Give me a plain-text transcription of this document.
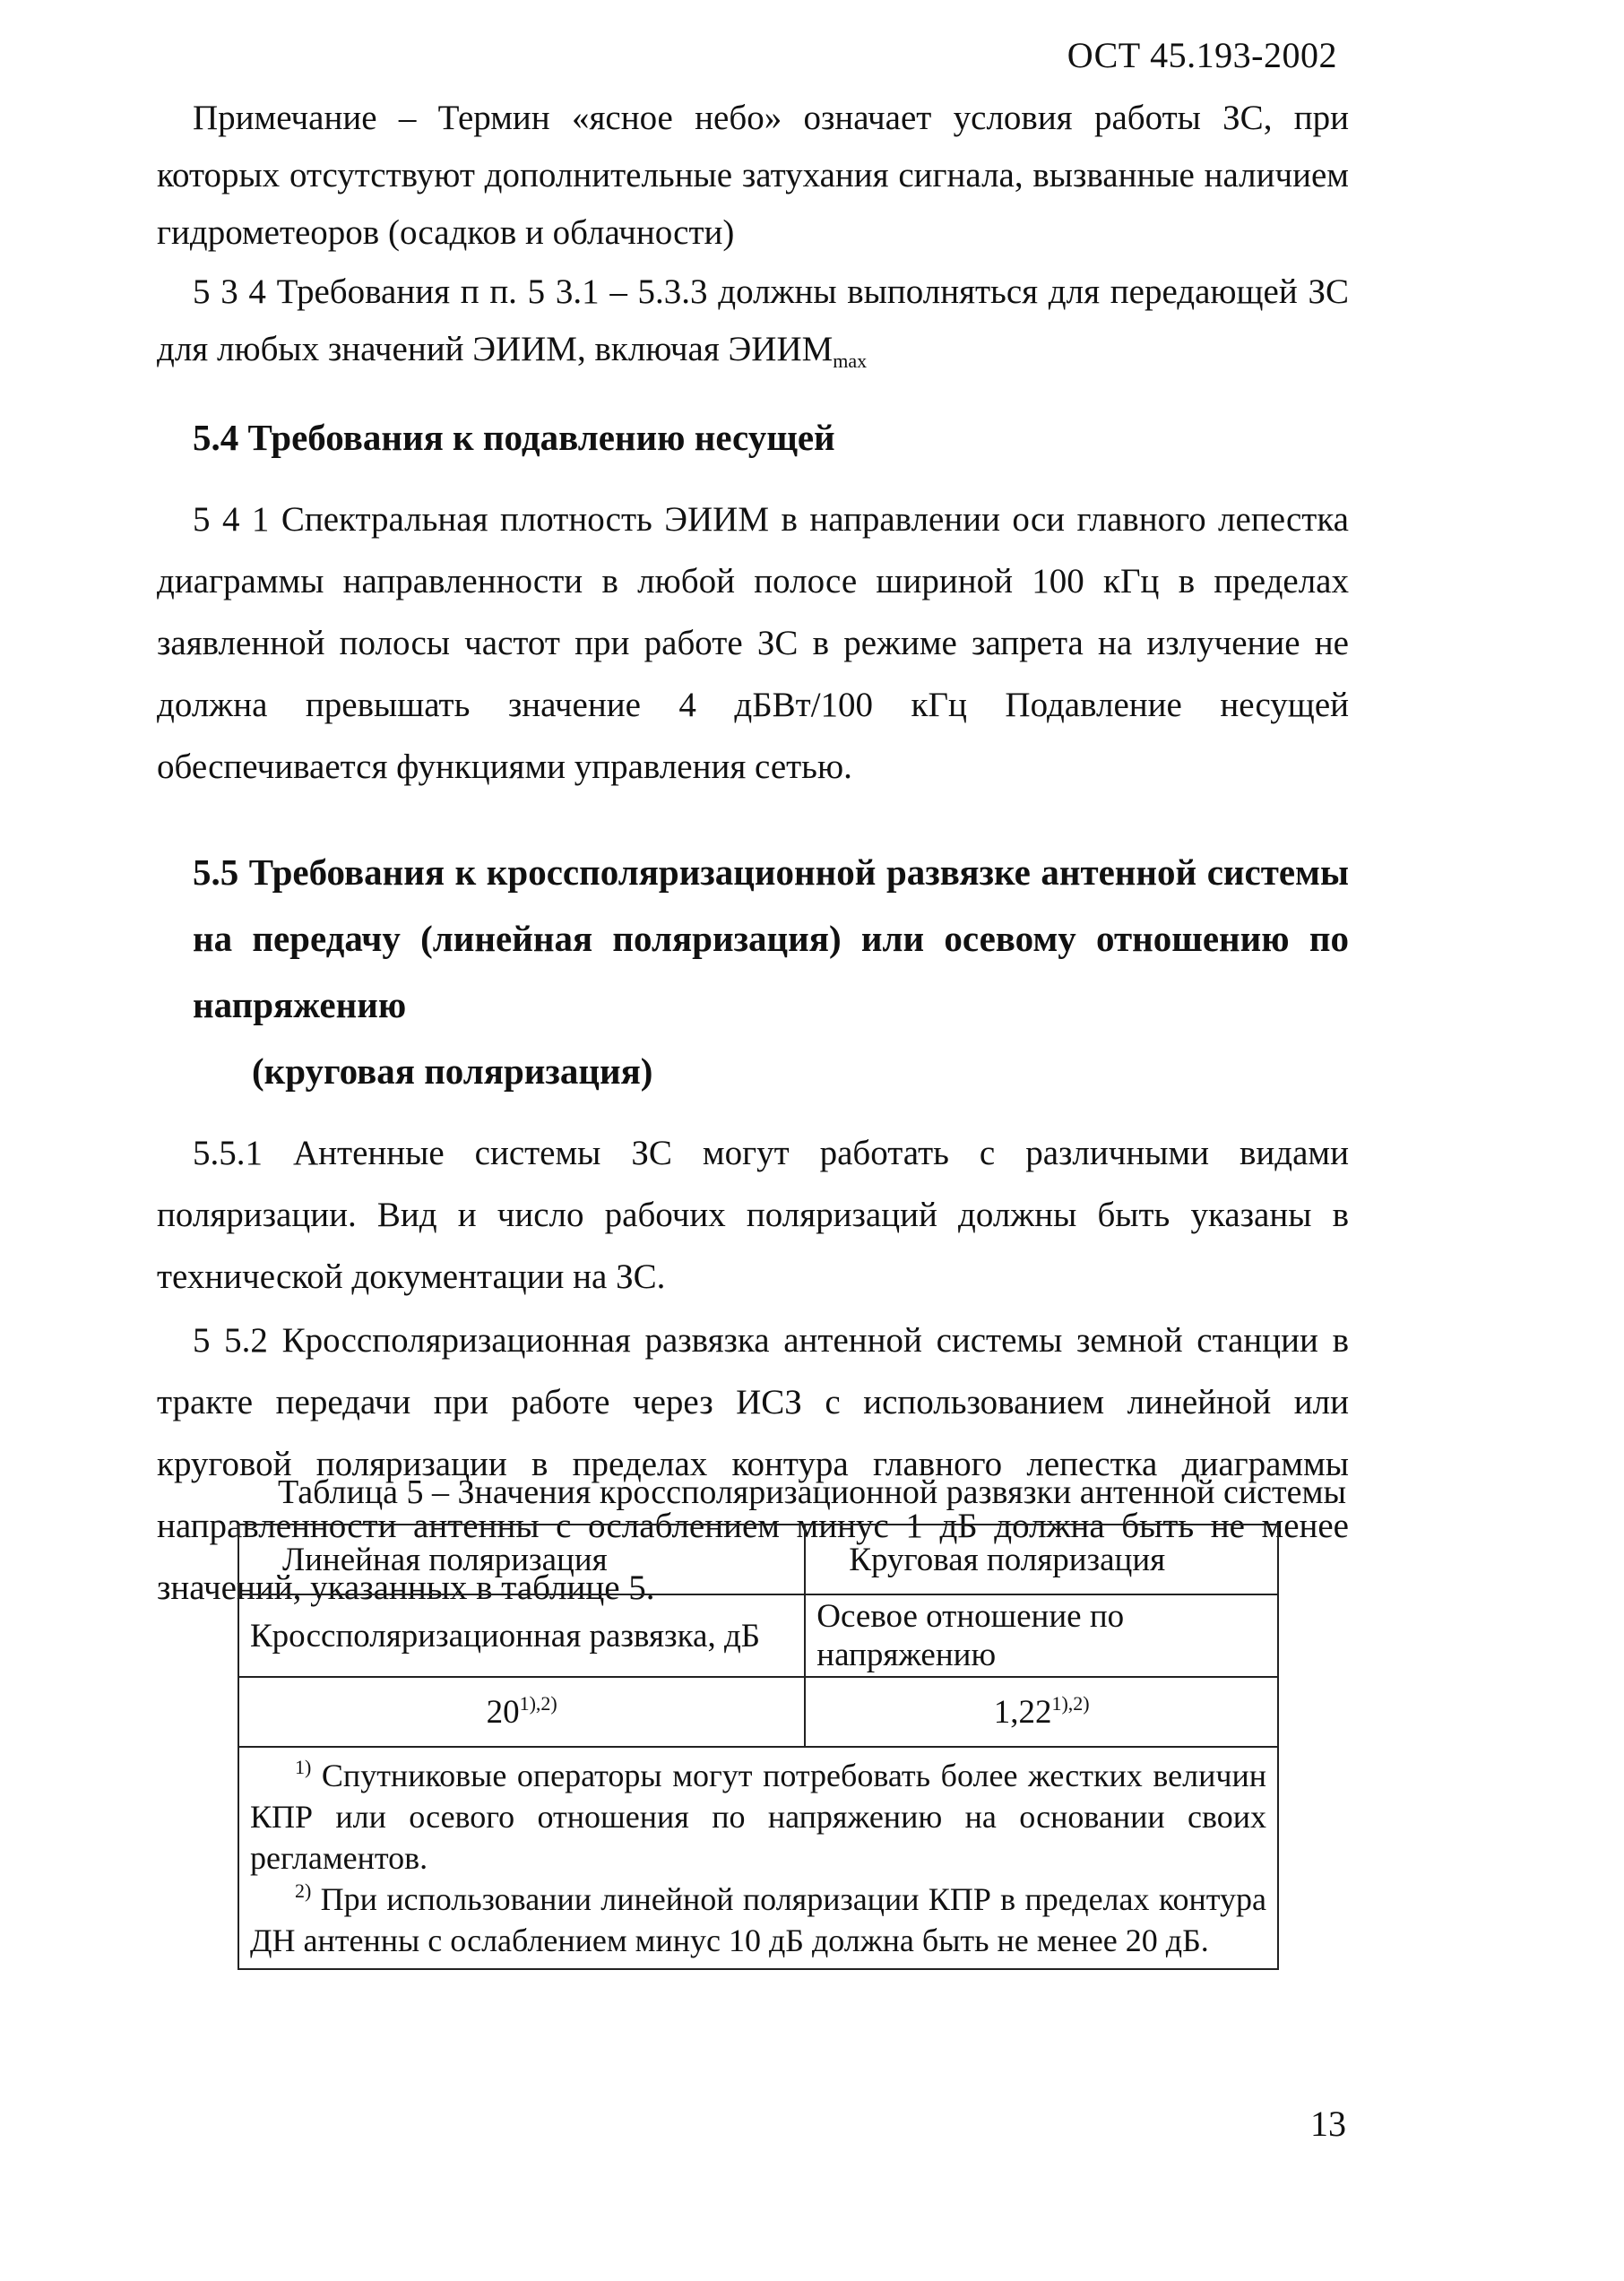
ОСТ 45.193-2002

Примечание – Термин «ясное небо» означает условия работы ЗС, при которых отсутствуют дополнительные затухания сигнала, вызванные наличием гидрометеоров (осадков и облачности)

5 3 4 Требования п п. 5 3.1 – 5.3.3 должны выполняться для передающей ЗС для любых значений ЭИИМ, включая $ЭИИМ_{max}$

5.4 Требования к подавлению несущей

5 4 1 Спектральная плотность ЭИИМ в направлении оси главного лепестка диаграммы направленности в любой полосе шириной 100 кГц в пределах заявленной полосы частот при работе ЗС в режиме запрета на излучение не должна превышать значение 4 дБВт/100 кГц Подавление несущей обеспечивается функциями управления сетью.

5.5 Требования к кроссполяризационной развязке антенной системы на передачу (линейная поляризация) или осевому отношению по напряжению
(круговая поляризация)

5.5.1 Антенные системы ЗС могут работать с различными видами поляризации. Вид и число рабочих поляризаций должны быть указаны в технической документации на ЗС.

5 5.2 Кроссполяризационная развязка антенной системы земной станции в тракте передачи при работе через ИСЗ с использованием линейной или круговой поляризации в пределах контура главного лепестка диаграммы направленности антенны с ослаблением минус 1 дБ должна быть не менее значений, указанных в таблице 5.

Таблица 5 – Значения кроссполяризационной развязки антенной системы
Линейная поляризация	Круговая поляризация
Кроссполяризационная развязка, дБ	Осевое отношение по напряжению
$20^{1),2)}$	$1,22^{1),2)}$

$^{1)}$ Спутниковые операторы могут потребовать более жестких величин КПР или осевого отношения по напряжению на основании своих регламентов.
$^{2)}$ При использовании линейной поляризации КПР в пределах контура ДН антенны с ослаблением минус 10 дБ должна быть не менее 20 дБ.	
13
